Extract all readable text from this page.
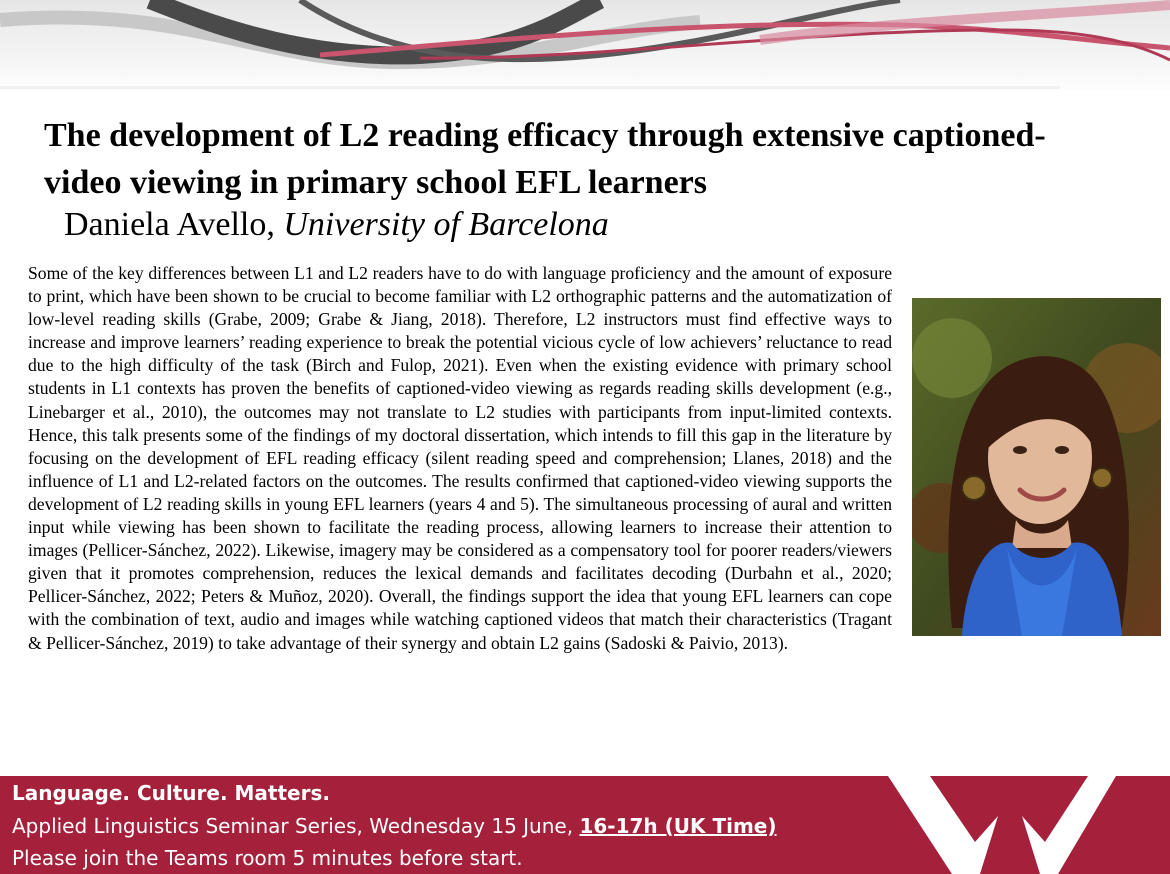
The development of L2 reading efficacy through extensive captioned-video viewing in primary school EFL learners
Daniela Avello, University of Barcelona

Some of the key differences between L1 and L2 readers have to do with language proficiency and the amount of exposure to print, which have been shown to be crucial to become familiar with L2 orthographic patterns and the automatization of low-level reading skills (Grabe, 2009; Grabe & Jiang, 2018). Therefore, L2 instructors must find effective ways to increase and improve learners’ reading experience to break the potential vicious cycle of low achievers’ reluctance to read due to the high difficulty of the task (Birch and Fulop, 2021). Even when the existing evidence with primary school students in L1 contexts has proven the benefits of captioned-video viewing as regards reading skills development (e.g., Linebarger et al., 2010), the outcomes may not translate to L2 studies with participants from input-limited contexts. Hence, this talk presents some of the findings of my doctoral dissertation, which intends to fill this gap in the literature by focusing on the development of EFL reading efficacy (silent reading speed and comprehension; Llanes, 2018) and the influence of L1 and L2-related factors on the outcomes. The results confirmed that captioned-video viewing supports the development of L2 reading skills in young EFL learners (years 4 and 5). The simultaneous processing of aural and written input while viewing has been shown to facilitate the reading process, allowing learners to increase their attention to images (Pellicer-Sánchez, 2022). Likewise, imagery may be considered as a compensatory tool for poorer readers/viewers given that it promotes comprehension, reduces the lexical demands and facilitates decoding (Durbahn et al., 2020; Pellicer-Sánchez, 2022; Peters & Muñoz, 2020). Overall, the findings support the idea that young EFL learners can cope with the combination of text, audio and images while watching captioned videos that match their characteristics (Tragant & Pellicer-Sánchez, 2019) to take advantage of their synergy and obtain L2 gains (Sadoski & Paivio, 2013).

Language. Culture. Matters.
Applied Linguistics Seminar Series, Wednesday 15 June, 16-17h (UK Time)
Please join the Teams room 5 minutes before start.
